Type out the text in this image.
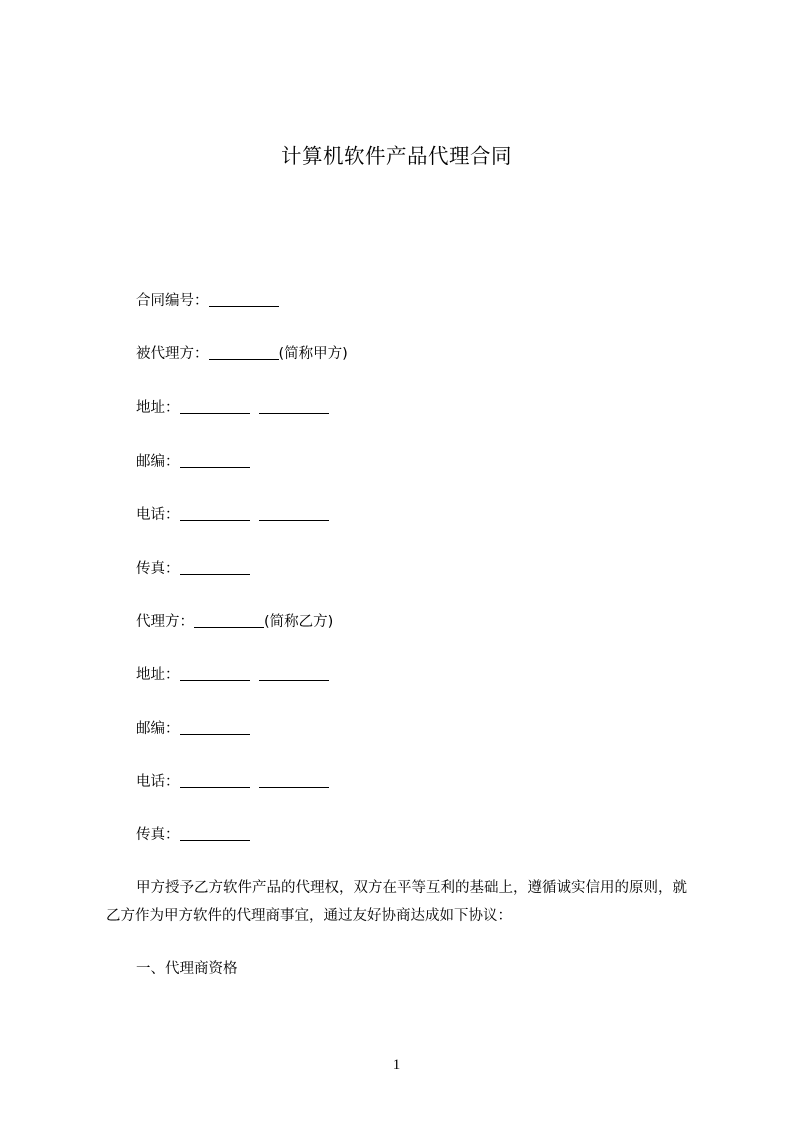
计算机软件产品代理合同
合同编号：
被代理方：	(简称甲方)
地址：
邮编：
电话：
传真：
代理方：	(简称乙方)
地址：
邮编：
电话：
传真：

甲方授予乙方软件产品的代理权，双方在平等互利的基础上，遵循诚实信用的原则，就乙方作为甲方软件的代理商事宜，通过友好协商达成如下协议：

一、代理商资格
1
